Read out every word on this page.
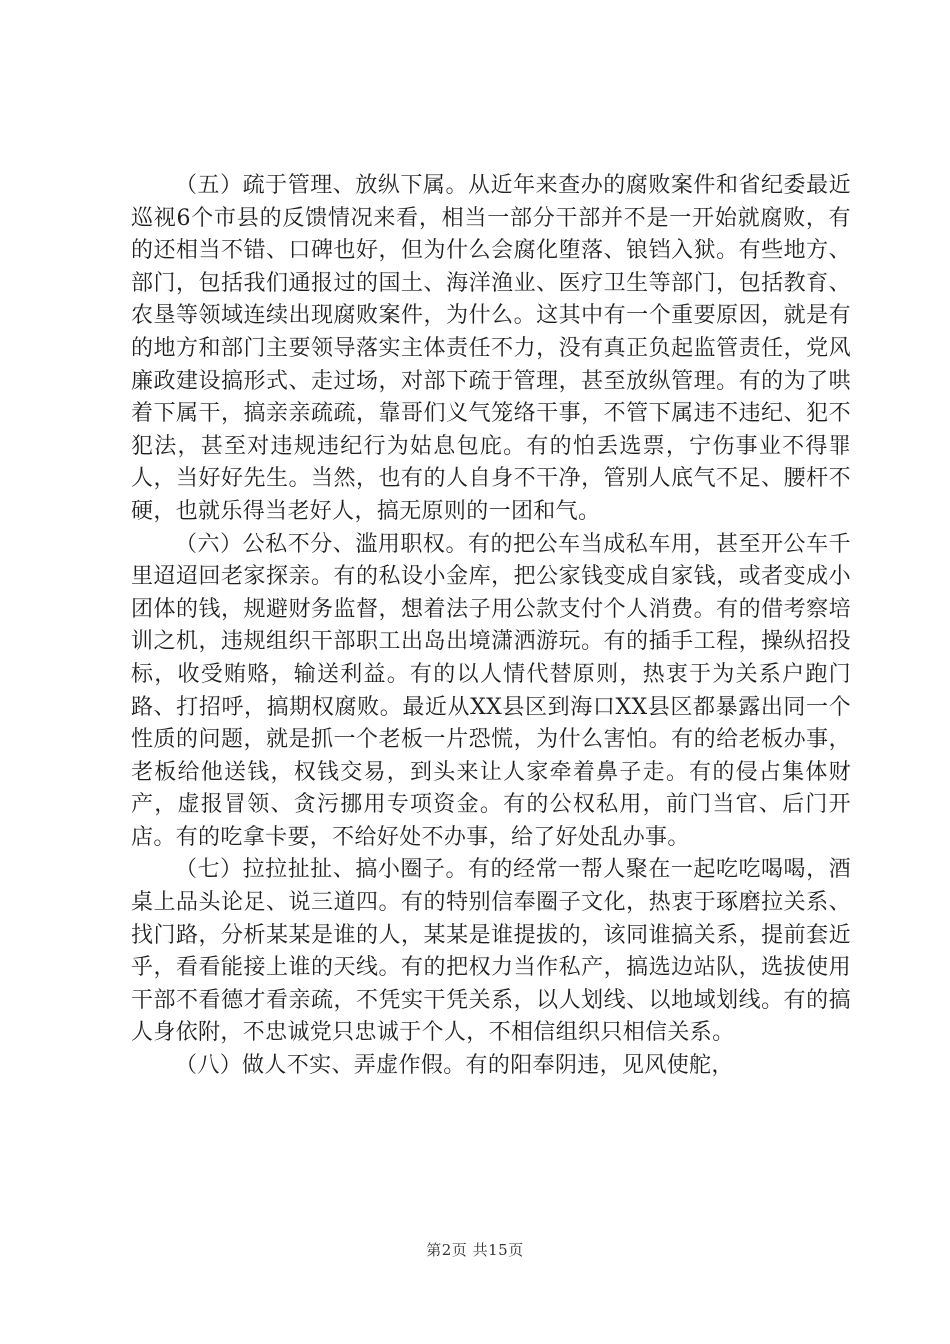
（五）疏于管理、放纵下属。从近年来查办的腐败案件和省纪委最近巡视6个市县的反馈情况来看，相当一部分干部并不是一开始就腐败，有的还相当不错、口碑也好，但为什么会腐化堕落、锒铛入狱。有些地方、部门，包括我们通报过的国土、海洋渔业、医疗卫生等部门，包括教育、农垦等领域连续出现腐败案件，为什么。这其中有一个重要原因，就是有的地方和部门主要领导落实主体责任不力，没有真正负起监管责任，党风廉政建设搞形式、走过场，对部下疏于管理，甚至放纵管理。有的为了哄着下属干，搞亲亲疏疏，靠哥们义气笼络干事，不管下属违不违纪、犯不犯法，甚至对违规违纪行为姑息包庇。有的怕丢选票，宁伤事业不得罪人，当好好先生。当然，也有的人自身不干净，管别人底气不足、腰杆不硬，也就乐得当老好人，搞无原则的一团和气。

（六）公私不分、滥用职权。有的把公车当成私车用，甚至开公车千里迢迢回老家探亲。有的私设小金库，把公家钱变成自家钱，或者变成小团体的钱，规避财务监督，想着法子用公款支付个人消费。有的借考察培训之机，违规组织干部职工出岛出境潇洒游玩。有的插手工程，操纵招投标，收受贿赂，输送利益。有的以人情代替原则，热衷于为关系户跑门路、打招呼，搞期权腐败。最近从XX县区到海口XX县区都暴露出同一个性质的问题，就是抓一个老板一片恐慌，为什么害怕。有的给老板办事，老板给他送钱，权钱交易，到头来让人家牵着鼻子走。有的侵占集体财产，虚报冒领、贪污挪用专项资金。有的公权私用，前门当官、后门开店。有的吃拿卡要，不给好处不办事，给了好处乱办事。

（七）拉拉扯扯、搞小圈子。有的经常一帮人聚在一起吃吃喝喝，酒桌上品头论足、说三道四。有的特别信奉圈子文化，热衷于琢磨拉关系、找门路，分析某某是谁的人，某某是谁提拔的，该同谁搞关系，提前套近乎，看看能接上谁的天线。有的把权力当作私产，搞选边站队，选拔使用干部不看德才看亲疏，不凭实干凭关系，以人划线、以地域划线。有的搞人身依附，不忠诚党只忠诚于个人，不相信组织只相信关系。

（八）做人不实、弄虚作假。有的阳奉阴违，见风使舵，

第2页 共15页
